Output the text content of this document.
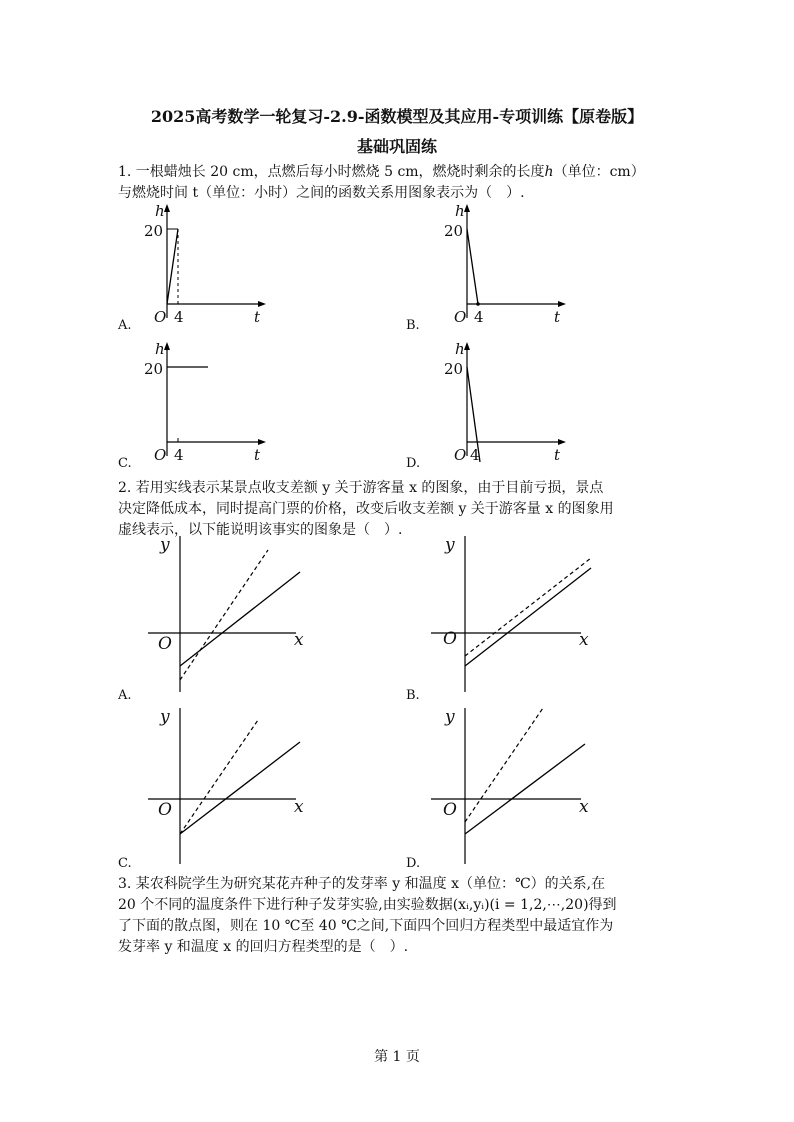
2025高考数学一轮复习-2.9-函数模型及其应用-专项训练【原卷版】
基础巩固练
1. 一根蜡烛长 20 cm，点燃后每小时燃烧 5 cm，燃烧时剩余的长度ℎ（单位：cm）
与燃烧时间 t（单位：小时）之间的函数关系用图象表示为（　）.
h
20
O 4	t
A.
h
20
O 4	t
B.
h
20
O 4	t
C.
h
20
O 4	t
D.
2. 若用实线表示某景点收支差额 y 关于游客量 x 的图象，由于目前亏损，景点
决定降低成本，同时提高门票的价格，改变后收支差额 y 关于游客量 x 的图象用
虚线表示，以下能说明该事实的图象是（　）.
y
O	x
A.
y
O	x
B.
y
O	x
C.
y
O	x
D.
3. 某农科院学生为研究某花卉种子的发芽率 y 和温度 x（单位：℃）的关系,在
20 个不同的温度条件下进行种子发芽实验,由实验数据(xᵢ,yᵢ)(i = 1,2,⋯,20)得到
了下面的散点图，则在 10 ℃至 40 ℃之间,下面四个回归方程类型中最适宜作为
发芽率 y 和温度 x 的回归方程类型的是（　）.
第 1 页
